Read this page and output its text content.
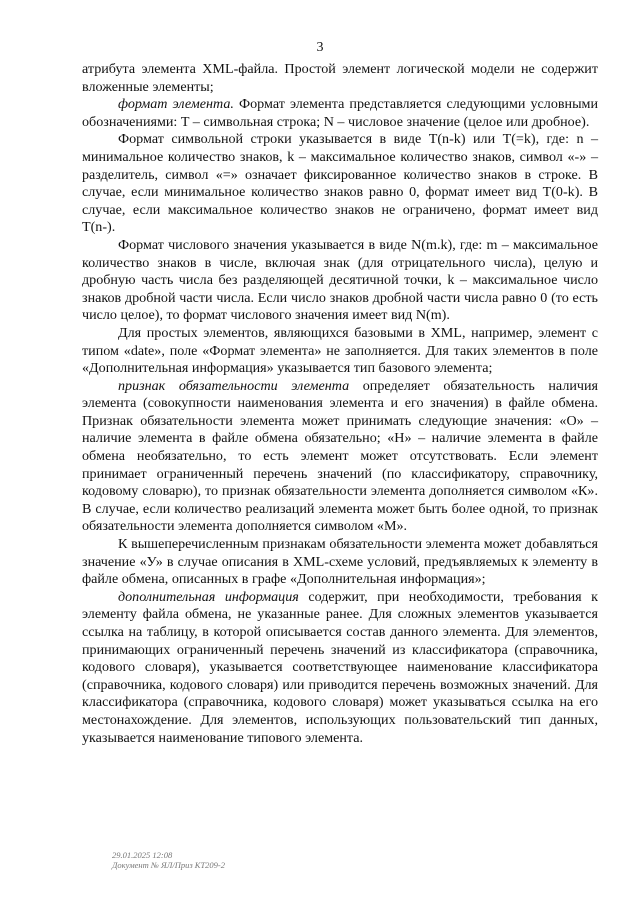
3

атрибута элемента XML-файла. Простой элемент логической модели не содержит вложенные элементы;

формат элемента. Формат элемента представляется следующими условными обозначениями: T – символьная строка; N – числовое значение (целое или дробное).

Формат символьной строки указывается в виде T(n-k) или T(=k), где: n – минимальное количество знаков, k – максимальное количество знаков, символ «-» – разделитель, символ «=» означает фиксированное количество знаков в строке. В случае, если минимальное количество знаков равно 0, формат имеет вид T(0-k). В случае, если максимальное количество знаков не ограничено, формат имеет вид T(n-).

Формат числового значения указывается в виде N(m.k), где: m – максимальное количество знаков в числе, включая знак (для отрицательного числа), целую и дробную часть числа без разделяющей десятичной точки, k – максимальное число знаков дробной части числа. Если число знаков дробной части числа равно 0 (то есть число целое), то формат числового значения имеет вид N(m).

Для простых элементов, являющихся базовыми в XML, например, элемент с типом «date», поле «Формат элемента» не заполняется. Для таких элементов в поле «Дополнительная информация» указывается тип базового элемента;

признак обязательности элемента определяет обязательность наличия элемента (совокупности наименования элемента и его значения) в файле обмена. Признак обязательности элемента может принимать следующие значения: «О» – наличие элемента в файле обмена обязательно; «Н» – наличие элемента в файле обмена необязательно, то есть элемент может отсутствовать. Если элемент принимает ограниченный перечень значений (по классификатору, справочнику, кодовому словарю), то признак обязательности элемента дополняется символом «К». В случае, если количество реализаций элемента может быть более одной, то признак обязательности элемента дополняется символом «М».

К вышеперечисленным признакам обязательности элемента может добавляться значение «У» в случае описания в XML-схеме условий, предъявляемых к элементу в файле обмена, описанных в графе «Дополнительная информация»;

дополнительная информация содержит, при необходимости, требования к элементу файла обмена, не указанные ранее. Для сложных элементов указывается ссылка на таблицу, в которой описывается состав данного элемента. Для элементов, принимающих ограниченный перечень значений из классификатора (справочника, кодового словаря), указывается соответствующее наименование классификатора (справочника, кодового словаря) или приводится перечень возможных значений. Для классификатора (справочника, кодового словаря) может указываться ссылка на его местонахождение. Для элементов, использующих пользовательский тип данных, указывается наименование типового элемента.

29.01.2025 12:08
Документ № ЯЛ/Приз КТ209-2
